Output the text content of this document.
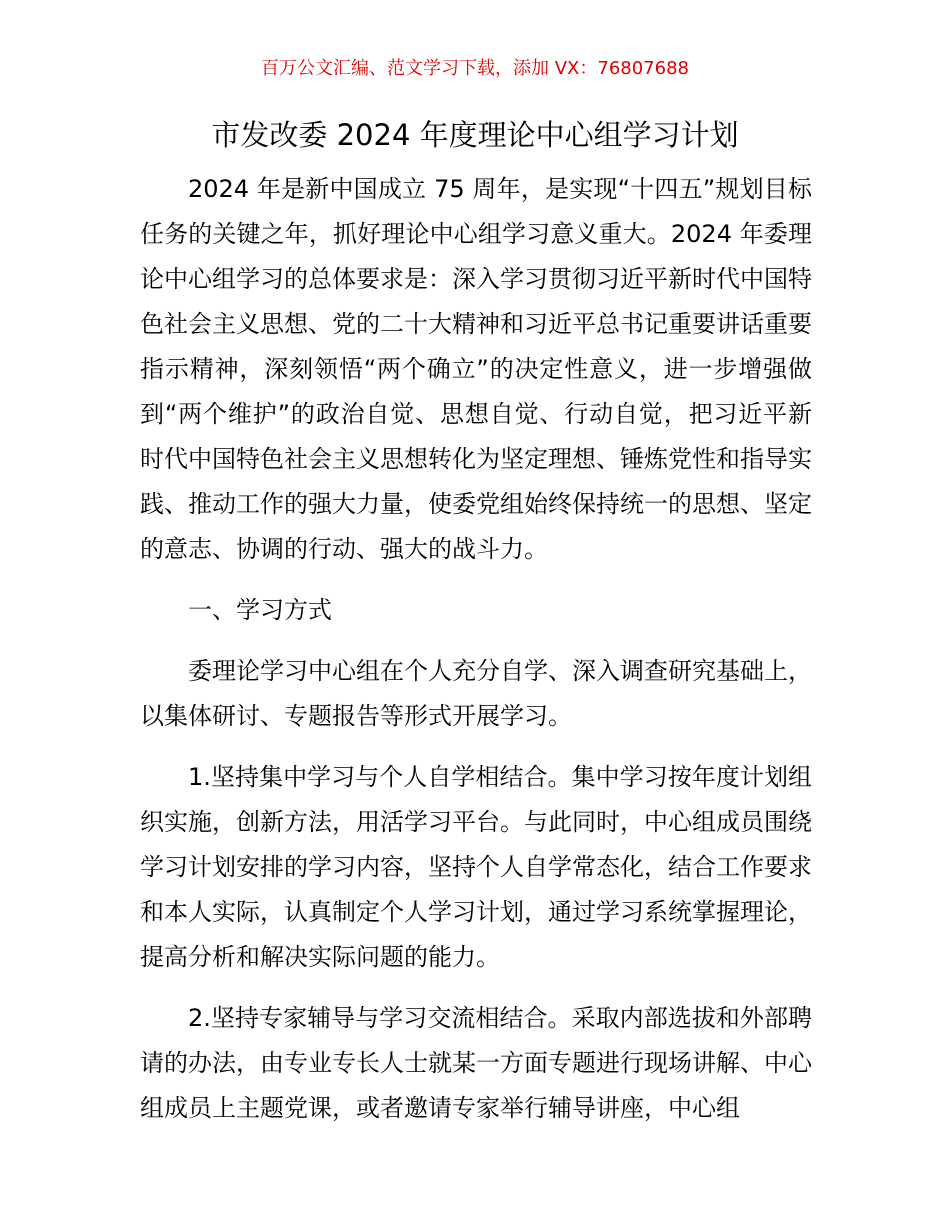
百万公文汇编、范文学习下载，添加 VX：76807688
市发改委 2024 年度理论中心组学习计划

2024 年是新中国成立 75 周年，是实现“十四五”规划目标任务的关键之年，抓好理论中心组学习意义重大。2024 年委理论中心组学习的总体要求是：深入学习贯彻习近平新时代中国特色社会主义思想、党的二十大精神和习近平总书记重要讲话重要指示精神，深刻领悟“两个确立”的决定性意义，进一步增强做到“两个维护”的政治自觉、思想自觉、行动自觉，把习近平新时代中国特色社会主义思想转化为坚定理想、锤炼党性和指导实践、推动工作的强大力量，使委党组始终保持统一的思想、坚定的意志、协调的行动、强大的战斗力。

一、学习方式

委理论学习中心组在个人充分自学、深入调查研究基础上，以集体研讨、专题报告等形式开展学习。

1.坚持集中学习与个人自学相结合。集中学习按年度计划组织实施，创新方法，用活学习平台。与此同时，中心组成员围绕学习计划安排的学习内容，坚持个人自学常态化，结合工作要求和本人实际，认真制定个人学习计划，通过学习系统掌握理论，提高分析和解决实际问题的能力。

2.坚持专家辅导与学习交流相结合。采取内部选拔和外部聘请的办法，由专业专长人士就某一方面专题进行现场讲解、中心组成员上主题党课，或者邀请专家举行辅导讲座，中心组
